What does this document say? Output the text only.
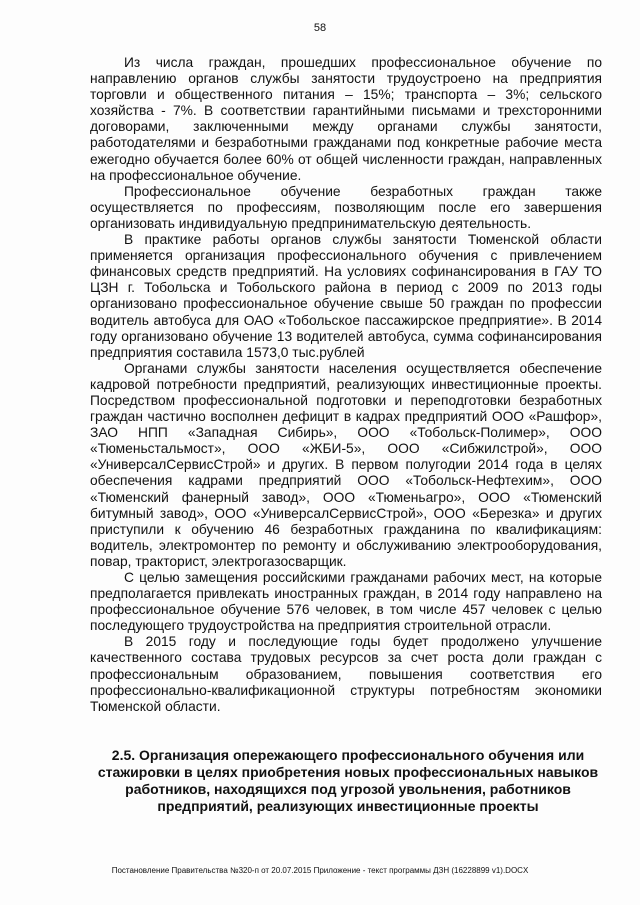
58

Из числа граждан, прошедших профессиональное обучение по направлению органов службы занятости трудоустроено на предприятия торговли и общественного питания – 15%; транспорта – 3%; сельского хозяйства - 7%. В соответствии гарантийными письмами и трехсторонними договорами, заключенными между органами службы занятости, работодателями и безработными гражданами под конкретные рабочие места ежегодно обучается более 60% от общей численности граждан, направленных на профессиональное обучение.

Профессиональное обучение безработных граждан также осуществляется по профессиям, позволяющим после его завершения организовать индивидуальную предпринимательскую деятельность.

В практике работы органов службы занятости Тюменской области применяется организация профессионального обучения с привлечением финансовых средств предприятий. На условиях софинансирования в ГАУ ТО ЦЗН г. Тобольска и Тобольского района в период с 2009 по 2013 годы организовано профессиональное обучение свыше 50 граждан по профессии водитель автобуса для ОАО «Тобольское пассажирское предприятие». В 2014 году организовано обучение 13 водителей автобуса, сумма софинансирования предприятия составила 1573,0 тыс.рублей

Органами службы занятости населения осуществляется обеспечение кадровой потребности предприятий, реализующих инвестиционные проекты. Посредством профессиональной подготовки и переподготовки безработных граждан частично восполнен дефицит в кадрах предприятий ООО «Рашфор», ЗАО НПП «Западная Сибирь», ООО «Тобольск-Полимер», ООО «Тюменьстальмост», ООО «ЖБИ-5», ООО «Сибжилстрой», ООО «УниверсалСервисСтрой» и других. В первом полугодии 2014 года в целях обеспечения кадрами предприятий ООО «Тобольск-Нефтехим», ООО «Тюменский фанерный завод», ООО «Тюменьагро», ООО «Тюменский битумный завод», ООО «УниверсалСервисСтрой», ООО «Березка» и других приступили к обучению 46 безработных гражданина по квалификациям: водитель, электромонтер по ремонту и обслуживанию электрооборудования, повар, тракторист, электрогазосварщик.

С целью замещения российскими гражданами рабочих мест, на которые предполагается привлекать иностранных граждан, в 2014 году направлено на профессиональное обучение 576 человек, в том числе 457 человек с целью последующего трудоустройства на предприятия строительной отрасли.

В 2015 году и последующие годы будет продолжено улучшение качественного состава трудовых ресурсов за счет роста доли граждан с профессиональным образованием, повышения соответствия его профессионально-квалификационной структуры потребностям экономики Тюменской области.

2.5. Организация опережающего профессионального обучения или стажировки в целях приобретения новых профессиональных навыков работников, находящихся под угрозой увольнения, работников предприятий, реализующих инвестиционные проекты
Постановление Правительства №320-п от 20.07.2015 Приложение - текст программы ДЗН (16228899 v1).DOCX
